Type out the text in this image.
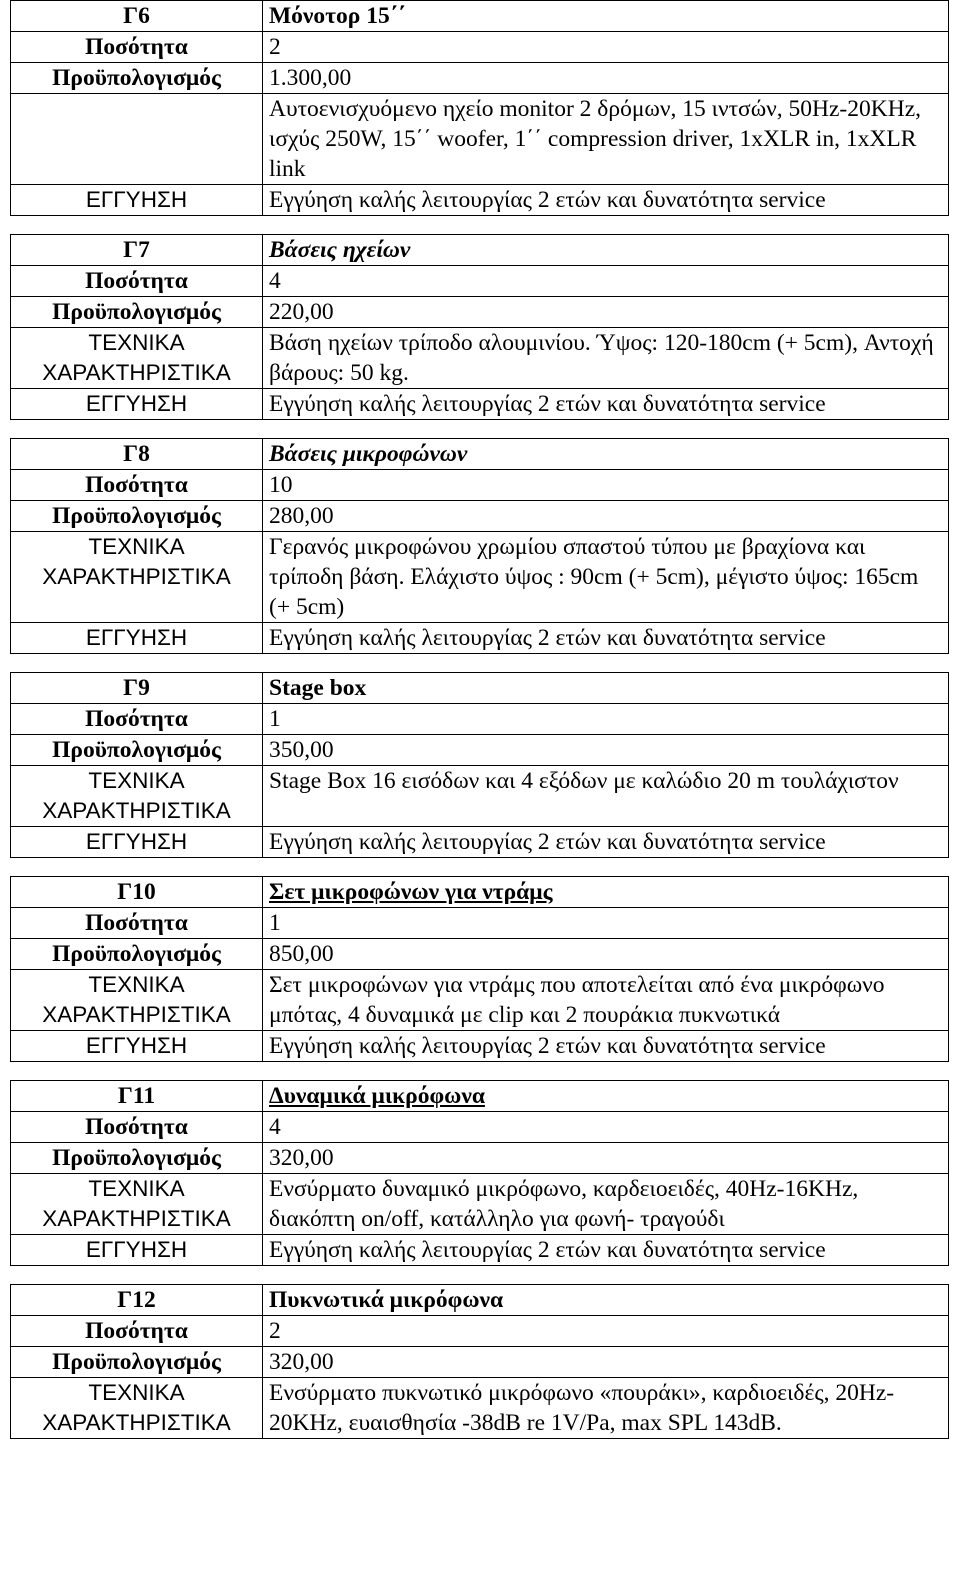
Γ6	Μόνοτορ 15΄΄
Ποσότητα	2
Προϋπολογισμός	1.300,00
	Αυτοενισχυόμενο ηχείο monitor 2 δρόμων, 15 ιντσών, 50Hz-20KHz, ισχύς 250W, 15΄΄ woofer, 1΄΄ compression driver, 1xXLR in, 1xXLR link
ΕΓΓΥΗΣΗ	Εγγύηση καλής λειτουργίας 2 ετών και δυνατότητα service

Γ7	Βάσεις ηχείων
Ποσότητα	4
Προϋπολογισμός	220,00
ΤΕΧΝΙΚΑ ΧΑΡΑΚΤΗΡΙΣΤΙΚΑ	Βάση ηχείων τρίποδο αλουμινίου. Ύψος: 120-180cm (+ 5cm), Αντοχή βάρους: 50 kg.
ΕΓΓΥΗΣΗ	Εγγύηση καλής λειτουργίας 2 ετών και δυνατότητα service

Γ8	Βάσεις μικροφώνων
Ποσότητα	10
Προϋπολογισμός	280,00
ΤΕΧΝΙΚΑ ΧΑΡΑΚΤΗΡΙΣΤΙΚΑ	Γερανός μικροφώνου χρωμίου σπαστού τύπου με βραχίονα και τρίποδη βάση. Ελάχιστο ύψος : 90cm (+ 5cm), μέγιστο ύψος: 165cm (+ 5cm)
ΕΓΓΥΗΣΗ	Εγγύηση καλής λειτουργίας 2 ετών και δυνατότητα service

Γ9	Stage box
Ποσότητα	1
Προϋπολογισμός	350,00
ΤΕΧΝΙΚΑ ΧΑΡΑΚΤΗΡΙΣΤΙΚΑ	Stage Box 16 εισόδων και 4 εξόδων με καλώδιο 20 m τουλάχιστον
ΕΓΓΥΗΣΗ	Εγγύηση καλής λειτουργίας 2 ετών και δυνατότητα service

Γ10	Σετ μικροφώνων για ντράμς
Ποσότητα	1
Προϋπολογισμός	850,00
ΤΕΧΝΙΚΑ ΧΑΡΑΚΤΗΡΙΣΤΙΚΑ	Σετ μικροφώνων για ντράμς που αποτελείται από ένα μικρόφωνο μπότας, 4 δυναμικά με clip και 2 πουράκια πυκνωτικά
ΕΓΓΥΗΣΗ	Εγγύηση καλής λειτουργίας 2 ετών και δυνατότητα service

Γ11	Δυναμικά μικρόφωνα
Ποσότητα	4
Προϋπολογισμός	320,00
ΤΕΧΝΙΚΑ ΧΑΡΑΚΤΗΡΙΣΤΙΚΑ	Ενσύρματο δυναμικό μικρόφωνο, καρδειοειδές, 40Hz-16KHz, διακόπτη on/off, κατάλληλο για φωνή- τραγούδι
ΕΓΓΥΗΣΗ	Εγγύηση καλής λειτουργίας 2 ετών και δυνατότητα service

Γ12	Πυκνωτικά μικρόφωνα
Ποσότητα	2
Προϋπολογισμός	320,00
ΤΕΧΝΙΚΑ ΧΑΡΑΚΤΗΡΙΣΤΙΚΑ	Ενσύρματο πυκνωτικό μικρόφωνο «πουράκι», καρδιοειδές, 20Hz-20KHz, ευαισθησία -38dB re 1V/Pa, max SPL 143dB.
